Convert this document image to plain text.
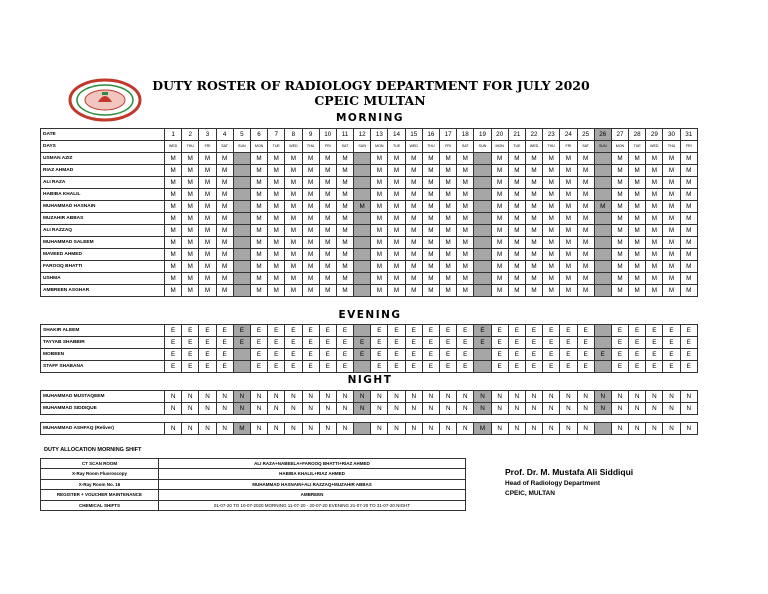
DUTY ROSTER OF RADIOLOGY DEPARTMENT FOR JULY 2020
CPEIC MULTAN
MORNING
DATE	1	2	3	4	5	6	7	8	9	10	11	12	13	14	15	16	17	18	19	20	21	22	23	24	25	26	27	28	29	30	31
DAYS	WED	THU	FRI	SAT	SUN	MON	TUE	WED	THU	FRI	SAT	SUN	MON	TUE	WED	THU	FRI	SAT	SUN	MON	TUE	WED	THU	FRI	SAT	SUN	MON	TUE	WED	THU	FRI
USMAN AZIZ	M	M	M	M		M	M	M	M	M	M		M	M	M	M	M	M		M	M	M	M	M	M		M	M	M	M	M
RIAZ AHMAD	M	M	M	M		M	M	M	M	M	M		M	M	M	M	M	M		M	M	M	M	M	M		M	M	M	M	M
ALI RAZA	M	M	M	M		M	M	M	M	M	M		M	M	M	M	M	M		M	M	M	M	M	M		M	M	M	M	M
HABIBA KHALIL	M	M	M	M		M	M	M	M	M	M		M	M	M	M	M	M		M	M	M	M	M	M		M	M	M	M	M
MUHAMMAD HASNAIN	M	M	M	M		M	M	M	M	M	M	M	M	M	M	M	M	M		M	M	M	M	M	M	M	M	M	M	M	M
MUZAHIR ABBAS	M	M	M	M		M	M	M	M	M	M		M	M	M	M	M	M		M	M	M	M	M	M		M	M	M	M	M
ALI RAZZAQ	M	M	M	M		M	M	M	M	M	M		M	M	M	M	M	M		M	M	M	M	M	M		M	M	M	M	M
MUHAMMAD SALEEM	M	M	M	M		M	M	M	M	M	M		M	M	M	M	M	M		M	M	M	M	M	M		M	M	M	M	M
MAVEED AHMED	M	M	M	M		M	M	M	M	M	M		M	M	M	M	M	M		M	M	M	M	M	M		M	M	M	M	M
FAROOQ BHATTI	M	M	M	M		M	M	M	M	M	M		M	M	M	M	M	M		M	M	M	M	M	M		M	M	M	M	M
USHMA	M	M	M	M		M	M	M	M	M	M		M	M	M	M	M	M		M	M	M	M	M	M		M	M	M	M	M
AMBREEN ASGHAR	M	M	M	M		M	M	M	M	M	M		M	M	M	M	M	M		M	M	M	M	M	M		M	M	M	M	M
EVENING
SHAKIR ALEEM	E	E	E	E	E	E	E	E	E	E	E		E	E	E	E	E	E	E	E	E	E	E	E	E		E	E	E	E	E
TAYYAB SHABBIR	E	E	E	E	E	E	E	E	E	E	E	E	E	E	E	E	E	E	E	E	E	E	E	E	E		E	E	E	E	E
MOBEEN	E	E	E	E		E	E	E	E	E	E	E	E	E	E	E	E	E		E	E	E	E	E	E	E	E	E	E	E	E
STAFF SHABANA	E	E	E	E		E	E	E	E	E	E		E	E	E	E	E	E		E	E	E	E	E	E		E	E	E	E	E
NIGHT
MUHAMMAD MUSTAQEEM	N	N	N	N	N	N	N	N	N	N	N	N	N	N	N	N	N	N	N	N	N	N	N	N	N	N	N	N	N	N	N
MUHAMMAD SIDDIQUE	N	N	N	N	N	N	N	N	N	N	N	N	N	N	N	N	N	N	N	N	N	N	N	N	N	N	N	N	N	N	N
MUHAMMAD ASHFAQ (Reliver)	N	N	N	N	M	N	N	N	N	N	N		N	N	N	N	N	N	M	N	N	N	N	N	N		N	N	N	N	N
DUTY ALLOCATION MORNING SHIFT
CT SCAN ROOM	ALI RAZA+NABEELA+FAROOQ BHATTI+RIAZ AHMED
X-Ray Room Fluoroscopy	HABIBA KHALIL+RIAZ AHMED
X-Ray Room No. 16	MUHAMMAD HASNAIN+ALI RAZZAQ+MUZAHIR ABBAS
REGISTER + VOUCHER MAINTENANCE	AMBREEN
CHEMICAL SHIFTS	01-07-20 TO 10-07-2020 MORNING 11-07-20 - 20-07-20 EVENING 21-07-20 TO 31-07-20 NIGHT
Prof. Dr. M. Mustafa Ali Siddiqui
Head of Radiology Department
CPEIC, MULTAN
